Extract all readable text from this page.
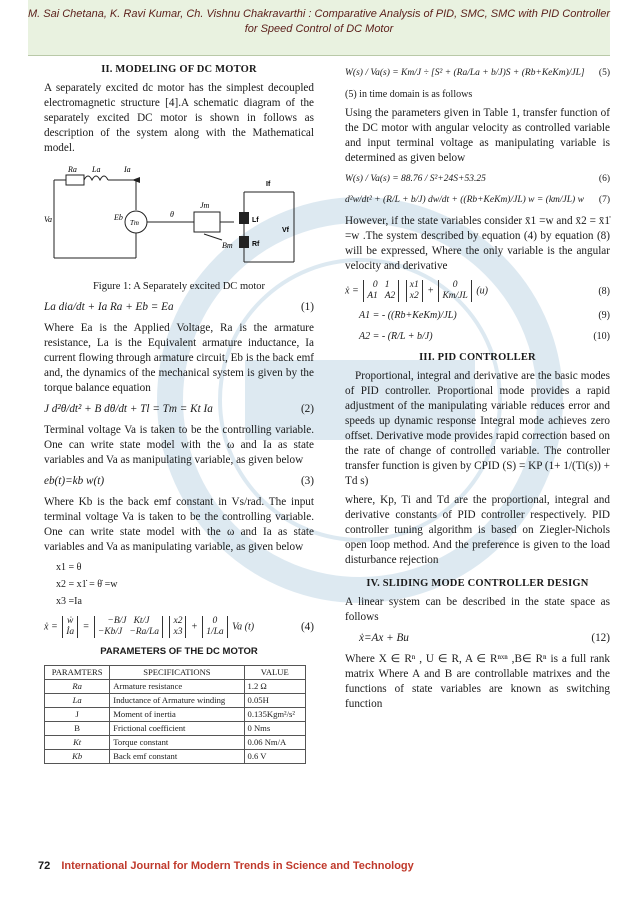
M. Sai Chetana, K. Ravi Kumar, Ch. Vishnu Chakravarthi : Comparative Analysis of PID, SMC, SMC with PID Controller
for Speed Control of DC Motor
II. MODELING OF DC MOTOR

A separately excited dc motor has the simplest decoupled electromagnetic structure [4].A schematic diagram of the separately excited DC motor is shown in follows as description of the system along with the Mathematical model.

Ra La	Ia
Va	Eb
Tm
θ
Jm
Bm
If
Lf
Rf
Vf
Figure 1: A Separately excited DC motor
La dia/dt + Ia Ra + Eb = Ea	(1)

Where Ea is the Applied Voltage, Ra is the armature resistance, La is the Equivalent armature inductance, Ia current flowing through armature circuit, Eb is the back emf and, the dynamics of the mechanical system is given by the torque balance equation

J d²θ/dt² + B dθ/dt + Tl = Tm = Kt Ia	(2)

Terminal voltage Va is taken to be the controlling variable. One can write state model with the ω and Ia as state variables and Va as manipulating variable, as given below

eb(t)=kb w(t)	(3)

Where Kb is the back emf constant in Vs/rad. The input terminal voltage Va is taken to be the controlling variable. One can write state model with the ω and Ia as state variables and Va as manipulating variable, as given below

x1 = θ
x2 = x1̇ = θ̇ =w
x3 =Ia
ẋ = ẇ
İa = −B/J   Kt/J
−Kb/J   −Ra/La x2
x3 + 0
1/La Va (t)	(4)
PARAMETERS OF THE DC MOTOR
PARAMTERS	SPECIFICATIONS	VALUE
Ra	Armature resistance	1.2 Ω
La	Inductance of Armature winding	0.05H
J	Moment of inertia	0.135Kgm²/s²
B	Frictional coefficient	0 Nms
Kt	Torque constant	0.06 Nm/A
Kb	Back emf constant	0.6 V
W(s) / Va(s) = Km/J ÷ [S² + (Ra/La + b/J)S + (Rb+KeKm)/JL] (5)

(5) in time domain is as follows

Using the parameters given in Table 1, transfer function of the DC motor with angular velocity as controlled variable and input terminal voltage as manipulating variable is determined as given below

W(s) / Va(s) = 88.76 / S²+24S+53.25	(6)
d²w/dt² + (R/L + b/J) dw/dt + ((Rb+KeKm)/JL) w = (km/JL) w (7)

However, if the state variables consider x̄1 =w and x̄2 = x̄1̇ =w .The system described by equation (4) by equation (8) will be expressed, Where the only variable is the angular velocity and derivative

ẋ = 0   1
A1   A2 x1
x2 + 0
Km/JL (u)	(8)
A1 = - ((Rb+KeKm)/JL)	(9)
A2 = - (R/L + b/J)	(10)
III. PID CONTROLLER

Proportional, integral and derivative are the basic modes of PID controller. Proportional mode provides a rapid adjustment of the manipulating variable reduces error and speeds up dynamic response Integral mode achieves zero offset. Derivative mode provides rapid correction based on the rate of change of controlled variable. The controller transfer function is given by CPID (S) = KP (1+ 1/(Ti(s)) + Td s)

where, Kp, Ti and Td are the proportional, integral and derivative constants of PID controller respectively. PID controller tuning algorithm is based on Ziegler-Nichols open loop method. And the preference is given to the load disturbance rejection

IV. SLIDING MODE CONTROLLER DESIGN

A linear system can be described in the state space as follows

ẋ=Ax + Bu	(12)

Where X ∈ Rⁿ , U ∈ R, A ∈ Rⁿˣⁿ ,B∈ Rⁿ is a full rank matrix Where A and B are controllable matrixes and the functions of state variables are known as switching function

72 International Journal for Modern Trends in Science and Technology
